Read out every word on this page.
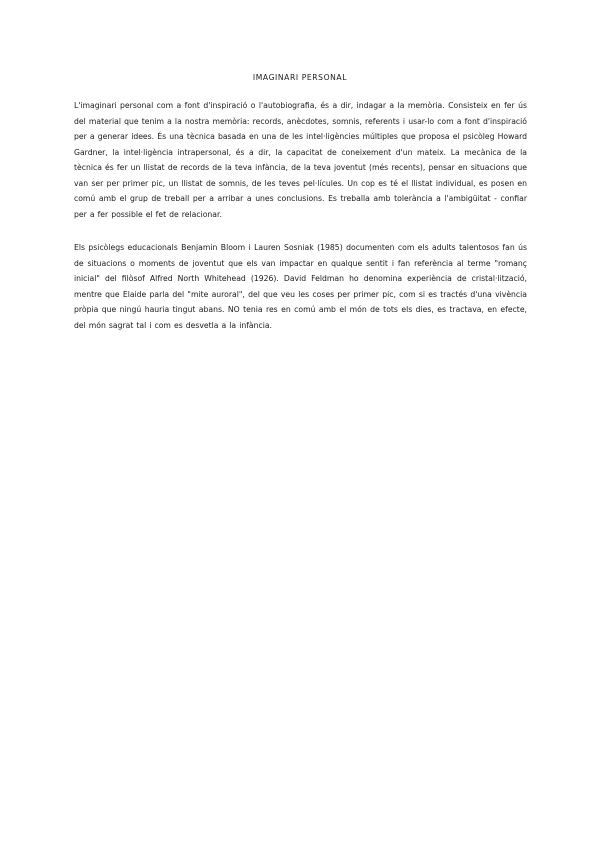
IMAGINARI PERSONAL

L'imaginari personal com a font d'inspiració o l'autobiografia, és a dir, indagar a la memòria. Consisteix en fer ús del material que tenim a la nostra memòria: records, anècdotes, somnis, referents i usar-lo com a font d'inspiració per a generar idees. És una tècnica basada en una de les intel·ligències múltiples que proposa el psicòleg Howard Gardner, la intel·ligència intrapersonal, és a dir, la capacitat de coneixement d'un mateix. La mecànica de la tècnica és fer un llistat de records de la teva infància, de la teva joventut (més recents), pensar en situacions que van ser per primer pic, un llistat de somnis, de les teves pel·lícules. Un cop es té el llistat individual, es posen en comú amb el grup de treball per a arribar a unes conclusions. Es treballa amb tolerància a l'ambigüitat - confiar per a fer possible el fet de relacionar.

Els psicòlegs educacionals Benjamin Bloom i Lauren Sosniak (1985) documenten com els adults talentosos fan ús de situacions o moments de joventut que els van impactar en qualque sentit i fan referència al terme "romanç inicial" del filòsof Alfred North Whitehead (1926). David Feldman ho denomina experiència de cristal·lització, mentre que Elaide parla del "mite auroral", del que veu les coses per primer pic, com si es tractés d'una vivència pròpia que ningú hauria tingut abans. NO tenia res en comú amb el món de tots els dies, es tractava, en efecte, del món sagrat tal i com es desvetla a la infància.
